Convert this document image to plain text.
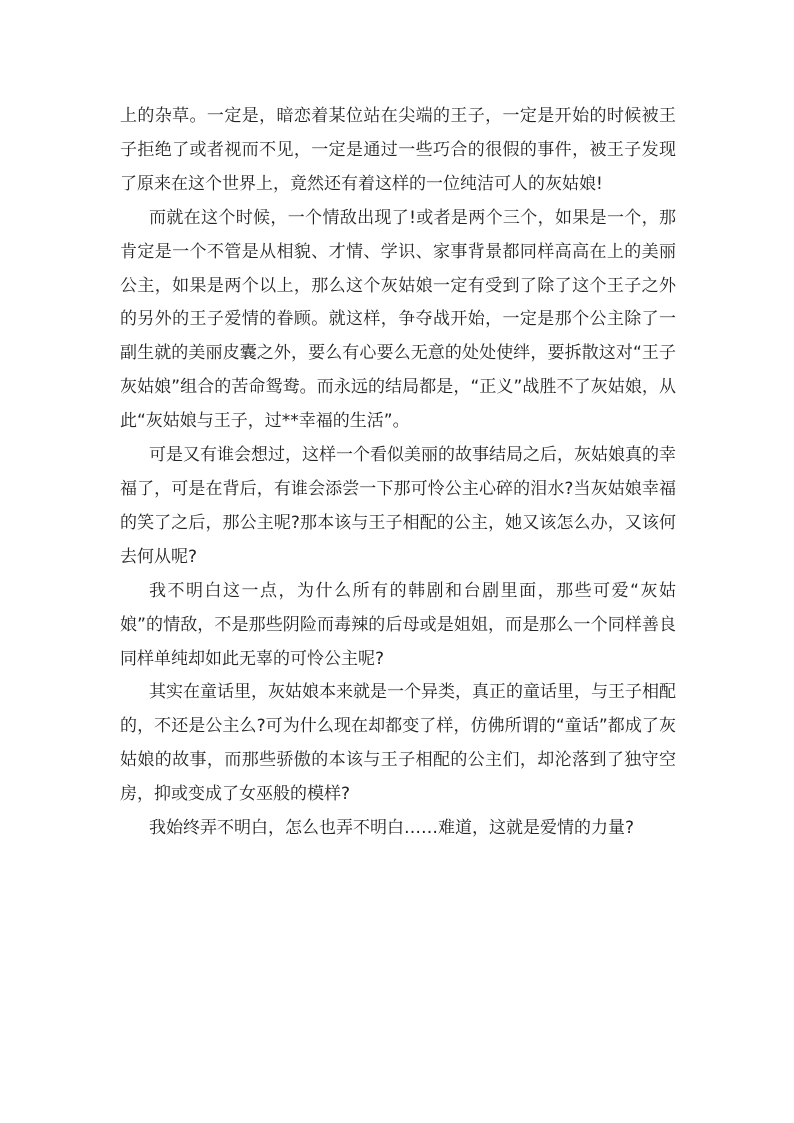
上的杂草。一定是，暗恋着某位站在尖端的王子，一定是开始的时候被王子拒绝了或者视而不见，一定是通过一些巧合的很假的事件，被王子发现了原来在这个世界上，竟然还有着这样的一位纯洁可人的灰姑娘!

而就在这个时候，一个情敌出现了!或者是两个三个，如果是一个，那肯定是一个不管是从相貌、才情、学识、家事背景都同样高高在上的美丽公主，如果是两个以上，那么这个灰姑娘一定有受到了除了这个王子之外的另外的王子爱情的眷顾。就这样，争夺战开始，一定是那个公主除了一副生就的美丽皮囊之外，要么有心要么无意的处处使绊，要拆散这对“王子灰姑娘”组合的苦命鸳鸯。而永远的结局都是，“正义”战胜不了灰姑娘，从此“灰姑娘与王子，过**幸福的生活”。

可是又有谁会想过，这样一个看似美丽的故事结局之后，灰姑娘真的幸福了，可是在背后，有谁会添尝一下那可怜公主心碎的泪水?当灰姑娘幸福的笑了之后，那公主呢?那本该与王子相配的公主，她又该怎么办，又该何去何从呢?

我不明白这一点，为什么所有的韩剧和台剧里面，那些可爱“灰姑娘”的情敌，不是那些阴险而毒辣的后母或是姐姐，而是那么一个同样善良同样单纯却如此无辜的可怜公主呢?

其实在童话里，灰姑娘本来就是一个异类，真正的童话里，与王子相配的，不还是公主么?可为什么现在却都变了样，仿佛所谓的“童话”都成了灰姑娘的故事，而那些骄傲的本该与王子相配的公主们，却沦落到了独守空房，抑或变成了女巫般的模样?

我始终弄不明白，怎么也弄不明白……难道，这就是爱情的力量?
